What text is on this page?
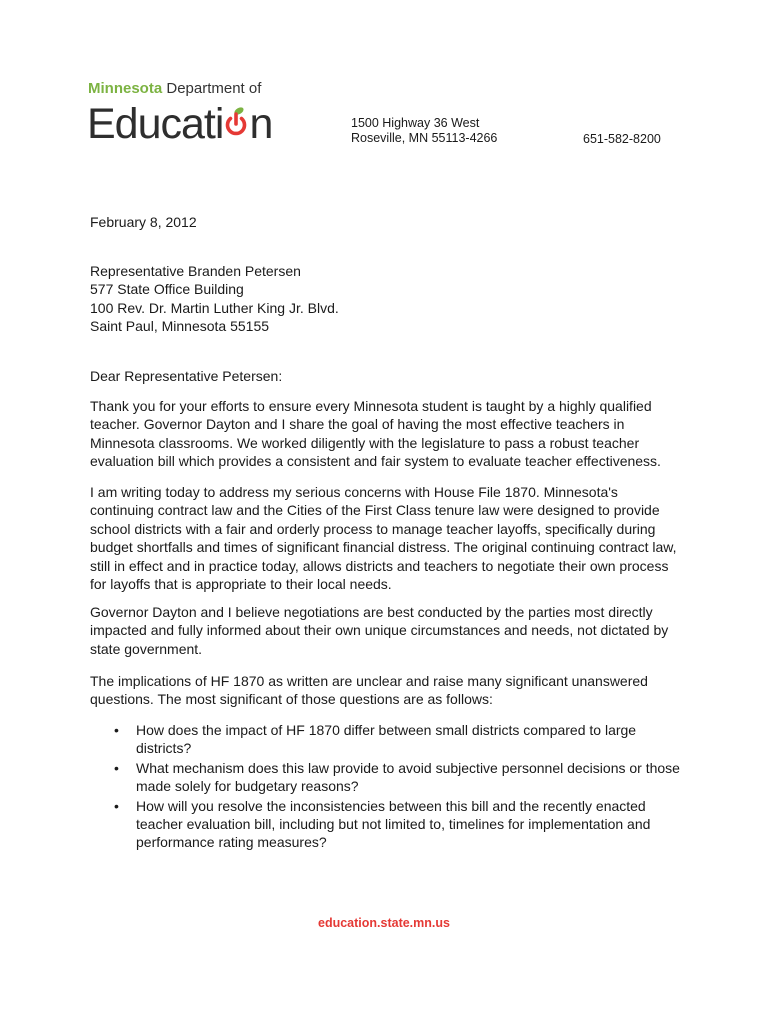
Minnesota Department of
Educati n	1500 Highway 36 West
Roseville, MN 55113-4266	651-582-8200
February 8, 2012
Representative Branden Petersen
577 State Office Building
100 Rev. Dr. Martin Luther King Jr. Blvd.
Saint Paul, Minnesota 55155
Dear Representative Petersen:
Thank you for your efforts to ensure every Minnesota student is taught by a highly qualified
teacher. Governor Dayton and I share the goal of having the most effective teachers in
Minnesota classrooms. We worked diligently with the legislature to pass a robust teacher
evaluation bill which provides a consistent and fair system to evaluate teacher effectiveness.
I am writing today to address my serious concerns with House File 1870. Minnesota's
continuing contract law and the Cities of the First Class tenure law were designed to provide
school districts with a fair and orderly process to manage teacher layoffs, specifically during
budget shortfalls and times of significant financial distress. The original continuing contract law,
still in effect and in practice today, allows districts and teachers to negotiate their own process
for layoffs that is appropriate to their local needs.
Governor Dayton and I believe negotiations are best conducted by the parties most directly
impacted and fully informed about their own unique circumstances and needs, not dictated by
state government.
The implications of HF 1870 as written are unclear and raise many significant unanswered
questions. The most significant of those questions are as follows:
• How does the impact of HF 1870 differ between small districts compared to large
districts?
• What mechanism does this law provide to avoid subjective personnel decisions or those
made solely for budgetary reasons?
• How will you resolve the inconsistencies between this bill and the recently enacted
teacher evaluation bill, including but not limited to, timelines for implementation and
performance rating measures?
education.state.mn.us
